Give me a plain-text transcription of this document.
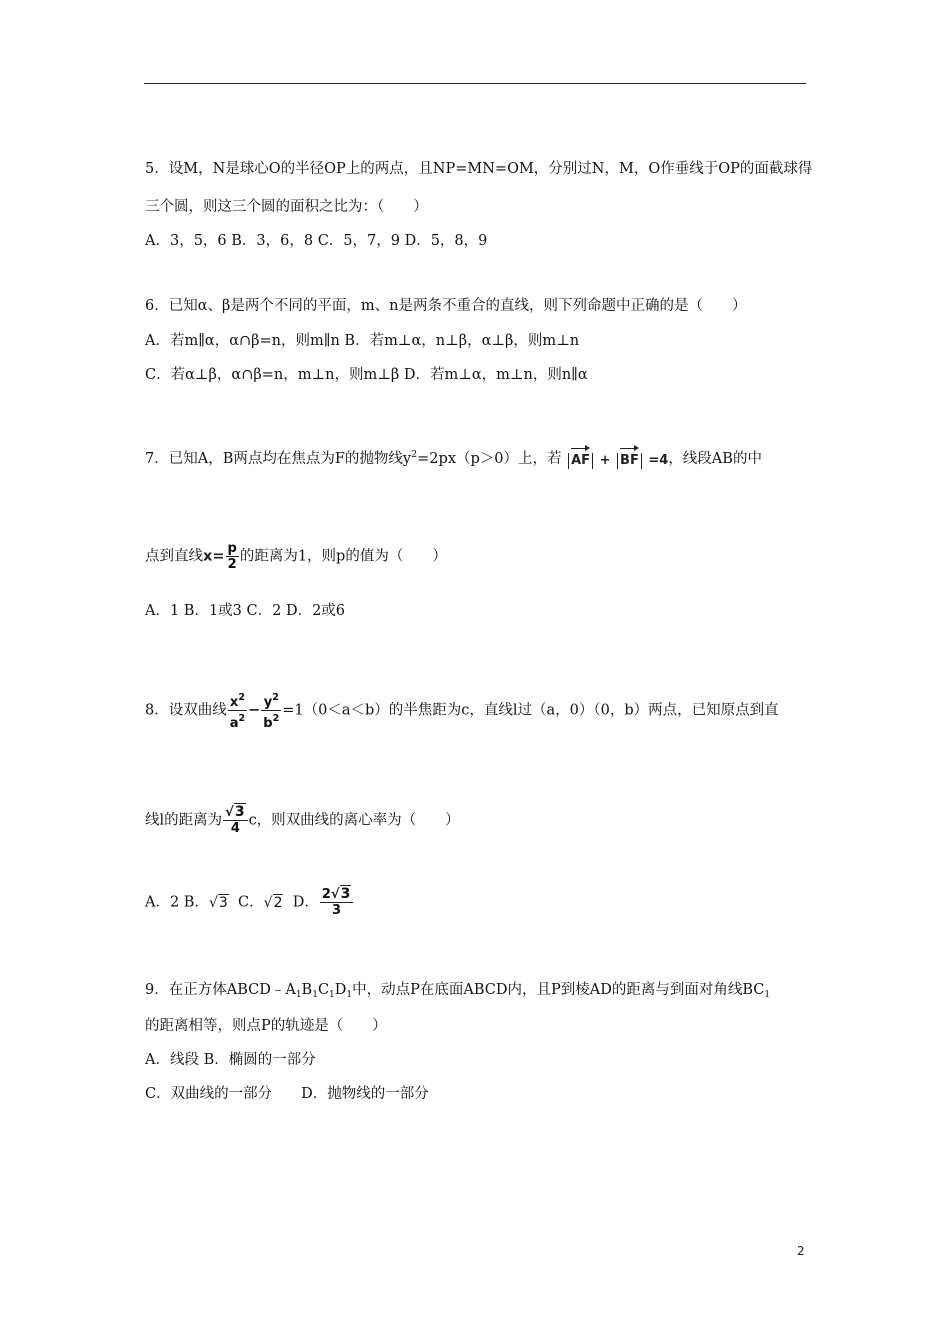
5．设M，N是球心O的半径OP上的两点，且NP=MN=OM，分别过N，M，O作垂线于OP的面截球得
三个圆，则这三个圆的面积之比为：（　　）
A．3，5，6 B．3，6，8 C．5，7，9 D．5，8，9
6．已知α、β是两个不同的平面，m、n是两条不重合的直线，则下列命题中正确的是（　　）
A．若m∥α，α∩β=n，则m∥n B．若m⊥α，n⊥β，α⊥β，则m⊥n
C．若α⊥β，α∩β=n，m⊥n，则m⊥β D．若m⊥α，m⊥n，则n∥α
7．已知A，B两点均在焦点为F的抛物线$y^2=2px(p>0)$上，若 AF + BF =4，线段AB的中
点到直线$x= \frac{p}{2}$ 的距离为1，则p的值为（　　）
A．1 B．1或3 C．2 D．2或6
8．设双曲线 $\frac{x^2}{a^2} - \frac{y^2}{b^2} =1(0<a<b)$的半焦距为c，直线l过（a，0）（0，b）两点，已知原点到直
线l的距离为 $\frac{√3}{4}$ c，则双曲线的离心率为（　　）
A．2 B．√3 C．√2 D． $\frac{2√3}{3}$
9．在正方体$ABCD﹣A_1B_1C_1D_1$中，动点P在底面ABCD内，且P到棱AD的距离与到面对角线$BC_1$
的距离相等，则点P的轨迹是（　　）
A．线段 B．椭圆的一部分
C．双曲线的一部分　　D．抛物线的一部分
2
